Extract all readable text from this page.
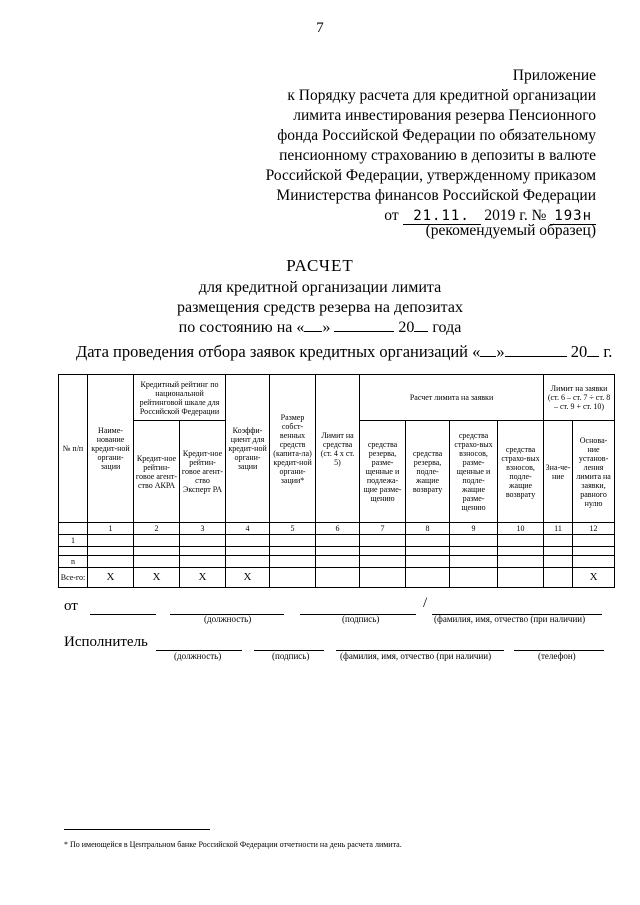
7
Приложение
к Порядку расчета для кредитной организации
лимита инвестирования резерва Пенсионного
фонда Российской Федерации по обязательному
пенсионному страхованию в депозиты в валюте
Российской Федерации, утвержденному приказом
Министерства финансов Российской Федерации
от 21.11. 2019 г. № 193н
(рекомендуемый образец)
РАСЧЕТ
для кредитной организации лимита
размещения средств резерва на депозитах
по состоянию на « »	20 года
Дата проведения отбора заявок кредитных организаций « »	20 г.
№ п/п	Наиме-нование кредит-ной органи-зации	Кредитный рейтинг по национальной рейтинговой шкале для Российской Федерации		Коэффи-циент для кредит-ной органи-зации	Размер собст-венных средств (капита-ла) кредит-ной органи-зации*	Лимит на средства (ст. 4 x ст. 5)	Расчет лимита на заявки				Лимит на заявки (ст. 6 – ст. 7 ÷ ст. 8 – ст. 9 + ст. 10)	
		Кредит-ное рейтин-говое агент-ство АКРА	Кредит-ное рейтин-говое агент-ство Эксперт РА				средства резерва, разме-щенные и подлежа-щие разме-щению	средства резерва, подле-жащие возврату	средства страхо-вых взносов, разме-щенные и подле-жащие разме-щению	средства страхо-вых взносов, подле-жащие возврату	Зна-че-ние	Основа-ние установ-ления лимита на заявки, равного нулю
	1	2	3	4	5	6	7	8	9	10	11	12
1												

n												
Все-го:	X	X	X	X								X
от	/
(должность)	(подпись)	(фамилия, имя, отчество (при наличии)
Исполнитель
(должность)	(подпись)	(фамилия, имя, отчество (при наличии)	(телефон)
* По имеющейся в Центральном банке Российской Федерации отчетности на день расчета лимита.
